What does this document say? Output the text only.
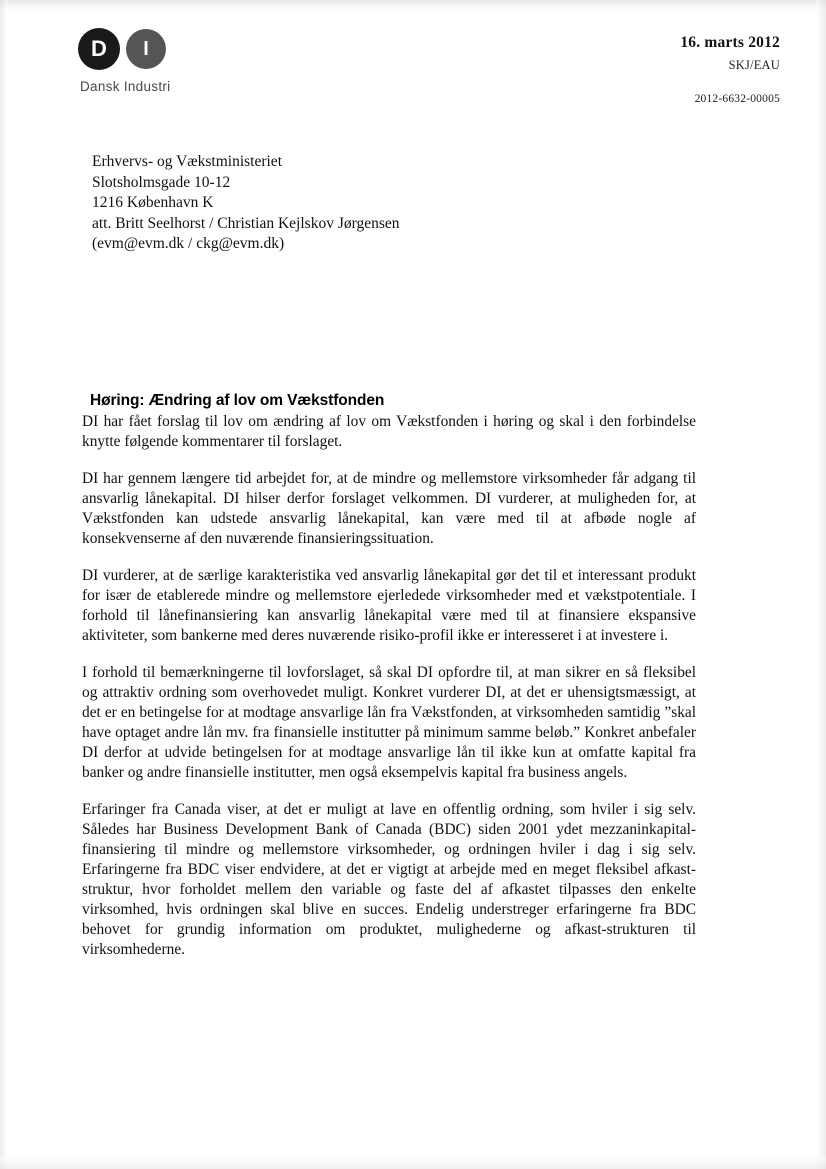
D	I
Dansk Industri
16. marts 2012
SKJ/EAU
2012-6632-00005
Erhvervs- og Vækstministeriet
Slotsholmsgade 10-12
1216 København K
att. Britt Seelhorst / Christian Kejlskov Jørgensen
(evm@evm.dk / ckg@evm.dk)
Høring: Ændring af lov om Vækstfonden

DI har fået forslag til lov om ændring af lov om Vækstfonden i høring og skal i den forbindelse knytte følgende kommentarer til forslaget.

DI har gennem længere tid arbejdet for, at de mindre og mellemstore virksomheder får adgang til ansvarlig lånekapital. DI hilser derfor forslaget velkommen. DI vurderer, at muligheden for, at Vækstfonden kan udstede ansvarlig lånekapital, kan være med til at afbøde nogle af konsekvenserne af den nuværende finansieringssituation.

DI vurderer, at de særlige karakteristika ved ansvarlig lånekapital gør det til et interessant produkt for især de etablerede mindre og mellemstore ejerledede virksomheder med et vækstpotentiale. I forhold til lånefinansiering kan ansvarlig lånekapital være med til at finansiere ekspansive aktiviteter, som bankerne med deres nuværende risiko-profil ikke er interesseret i at investere i.

I forhold til bemærkningerne til lovforslaget, så skal DI opfordre til, at man sikrer en så fleksibel og attraktiv ordning som overhovedet muligt. Konkret vurderer DI, at det er uhensigtsmæssigt, at det er en betingelse for at modtage ansvarlige lån fra Vækstfonden, at virksomheden samtidig ”skal have optaget andre lån mv. fra finansielle institutter på minimum samme beløb.” Konkret anbefaler DI derfor at udvide betingelsen for at modtage ansvarlige lån til ikke kun at omfatte kapital fra banker og andre finansielle institutter, men også eksempelvis kapital fra business angels.

Erfaringer fra Canada viser, at det er muligt at lave en offentlig ordning, som hviler i sig selv. Således har Business Development Bank of Canada (BDC) siden 2001 ydet mezzaninkapital-finansiering til mindre og mellemstore virksomheder, og ordningen hviler i dag i sig selv. Erfaringerne fra BDC viser endvidere, at det er vigtigt at arbejde med en meget fleksibel afkast-struktur, hvor forholdet mellem den variable og faste del af afkastet tilpasses den enkelte virksomhed, hvis ordningen skal blive en succes. Endelig understreger erfaringerne fra BDC behovet for grundig information om produktet, mulighederne og afkast-strukturen til virksomhederne.
